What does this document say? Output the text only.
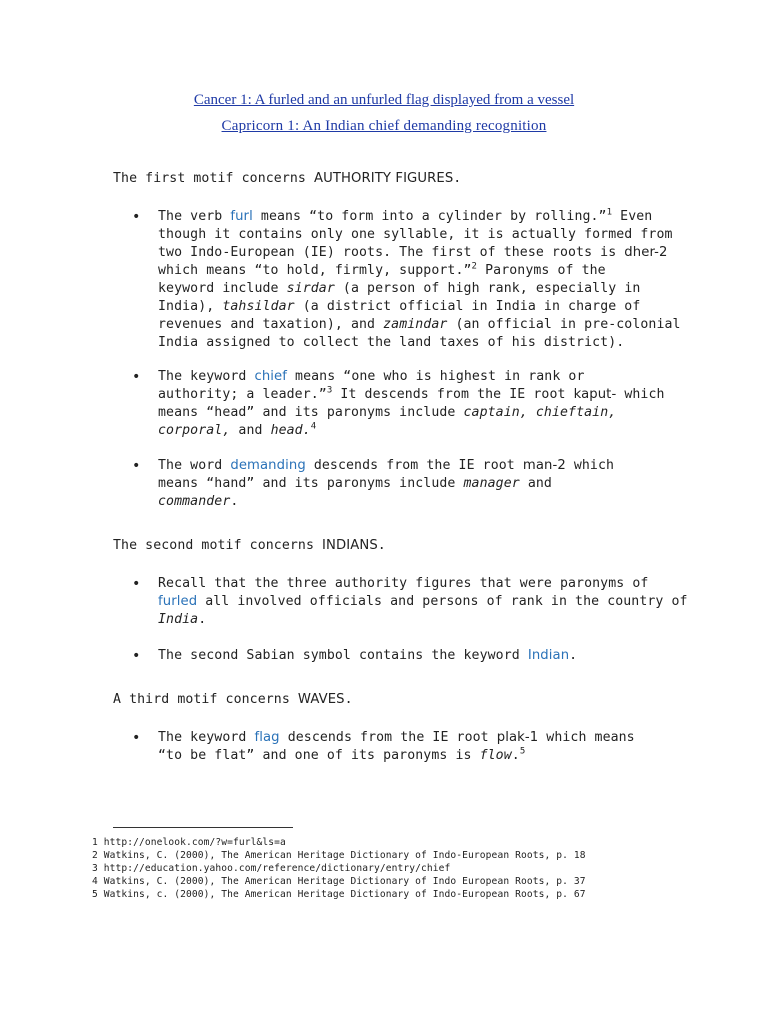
Cancer 1: A furled and an unfurled flag displayed from a vessel
Capricorn 1: An Indian chief demanding recognition
The first motif concerns AUTHORITY FIGURES.
• The verb furl means “to form into a cylinder by rolling.”$^1$ Even
though it contains only one syllable, it is actually formed from
two Indo-European (IE) roots. The first of these roots is dher-2
which means “to hold, firmly, support.”$^2$ Paronyms of the
keyword include sirdar (a person of high rank, especially in
India), tahsildar (a district official in India in charge of
revenues and taxation), and zamindar (an official in pre-colonial
India assigned to collect the land taxes of his district).
• The keyword chief means “one who is highest in rank or
authority; a leader.”$^3$ It descends from the IE root kaput- which
means “head” and its paronyms include captain, chieftain,
corporal, and head.$^4$
• The word demanding descends from the IE root man-2 which
means “hand” and its paronyms include manager and
commander.
The second motif concerns INDIANS.
• Recall that the three authority figures that were paronyms of
furled all involved officials and persons of rank in the country of
India.
• The second Sabian symbol contains the keyword Indian.
A third motif concerns WAVES.
• The keyword flag descends from the IE root plak-1 which means
“to be flat” and one of its paronyms is flow.$^5$
1 http://onelook.com/?w=furl&ls=a
2 Watkins, C. (2000), The American Heritage Dictionary of Indo-European Roots, p. 18
3 http://education.yahoo.com/reference/dictionary/entry/chief
4 Watkins, C. (2000), The American Heritage Dictionary of Indo European Roots, p. 37
5 Watkins, c. (2000), The American Heritage Dictionary of Indo-European Roots, p. 67
